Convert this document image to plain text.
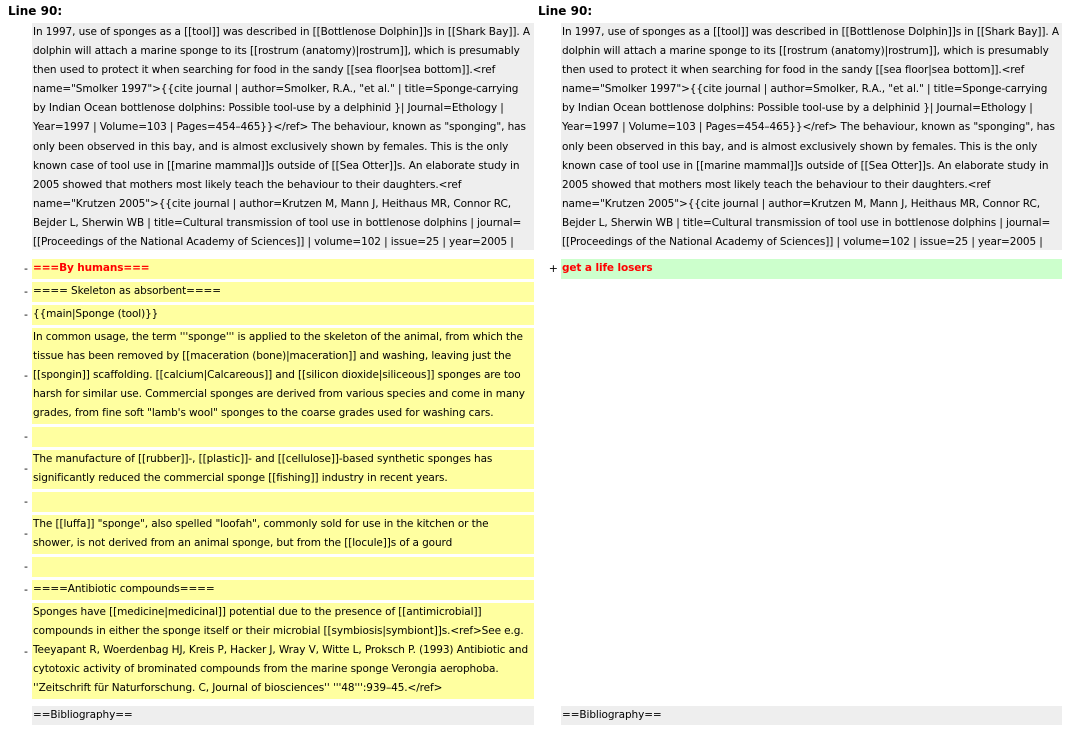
Line 90:	Line 90:
In 1997, use of sponges as a [[tool]] was described in [[Bottlenose Dolphin]]s in [[Shark Bay]]. A dolphin will attach a marine sponge to its [[rostrum (anatomy)|rostrum]], which is presumably then used to protect it when searching for food in the sandy [[sea floor|sea bottom]].<ref name="Smolker 1997">{{cite journal | author=Smolker, R.A., "et al." | title=Sponge-carrying by Indian Ocean bottlenose dolphins: Possible tool-use by a delphinid }| Journal=Ethology | Year=1997 | Volume=103 | Pages=454–465}}</ref> The behaviour, known as "sponging", has only been observed in this bay, and is almost exclusively shown by females. This is the only known case of tool use in [[marine mammal]]s outside of [[Sea Otter]]s. An elaborate study in 2005 showed that mothers most likely teach the behaviour to their daughters.<ref name="Krutzen 2005">{{cite journal | author=Krutzen M, Mann J, Heithaus MR, Connor RC, Bejder L, Sherwin WB | title=Cultural transmission of tool use in bottlenose dolphins | journal=[[Proceedings of the National Academy of Sciences]] | volume=102 | issue=25 | year=2005 |
In 1997, use of sponges as a [[tool]] was described in [[Bottlenose Dolphin]]s in [[Shark Bay]]. A dolphin will attach a marine sponge to its [[rostrum (anatomy)|rostrum]], which is presumably then used to protect it when searching for food in the sandy [[sea floor|sea bottom]].<ref name="Smolker 1997">{{cite journal | author=Smolker, R.A., "et al." | title=Sponge-carrying by Indian Ocean bottlenose dolphins: Possible tool-use by a delphinid }| Journal=Ethology | Year=1997 | Volume=103 | Pages=454–465}}</ref> The behaviour, known as "sponging", has only been observed in this bay, and is almost exclusively shown by females. This is the only known case of tool use in [[marine mammal]]s outside of [[Sea Otter]]s. An elaborate study in 2005 showed that mothers most likely teach the behaviour to their daughters.<ref name="Krutzen 2005">{{cite journal | author=Krutzen M, Mann J, Heithaus MR, Connor RC, Bejder L, Sherwin WB | title=Cultural transmission of tool use in bottlenose dolphins | journal=[[Proceedings of the National Academy of Sciences]] | volume=102 | issue=25 | year=2005 |
- ===By humans===
- ==== Skeleton as absorbent====
- {{main|Sponge (tool)}}
-
In common usage, the term '''sponge''' is applied to the skeleton of the animal, from which the tissue has been removed by [[maceration (bone)|maceration]] and washing, leaving just the [[spongin]] scaffolding. [[calcium|Calcareous]] and [[silicon dioxide|siliceous]] sponges are too harsh for similar use. Commercial sponges are derived from various species and come in many grades, from fine soft "lamb's wool" sponges to the coarse grades used for washing cars.
-
-
The manufacture of [[rubber]]-, [[plastic]]- and [[cellulose]]-based synthetic sponges has significantly reduced the commercial sponge [[fishing]] industry in recent years.
-
-
The [[luffa]] "sponge", also spelled "loofah", commonly sold for use in the kitchen or the shower, is not derived from an animal sponge, but from the [[locule]]s of a gourd
-
- ====Antibiotic compounds====
-
Sponges have [[medicine|medicinal]] potential due to the presence of [[antimicrobial]] compounds in either the sponge itself or their microbial [[symbiosis|symbiont]]s.<ref>See e.g. Teeyapant R, Woerdenbag HJ, Kreis P, Hacker J, Wray V, Witte L, Proksch P. (1993) Antibiotic and cytotoxic activity of brominated compounds from the marine sponge Verongia aerophoba. ''Zeitschrift für Naturforschung. C, Journal of biosciences'' '''48''':939–45.</ref>
+ get a life losers
==Bibliography==	==Bibliography==
